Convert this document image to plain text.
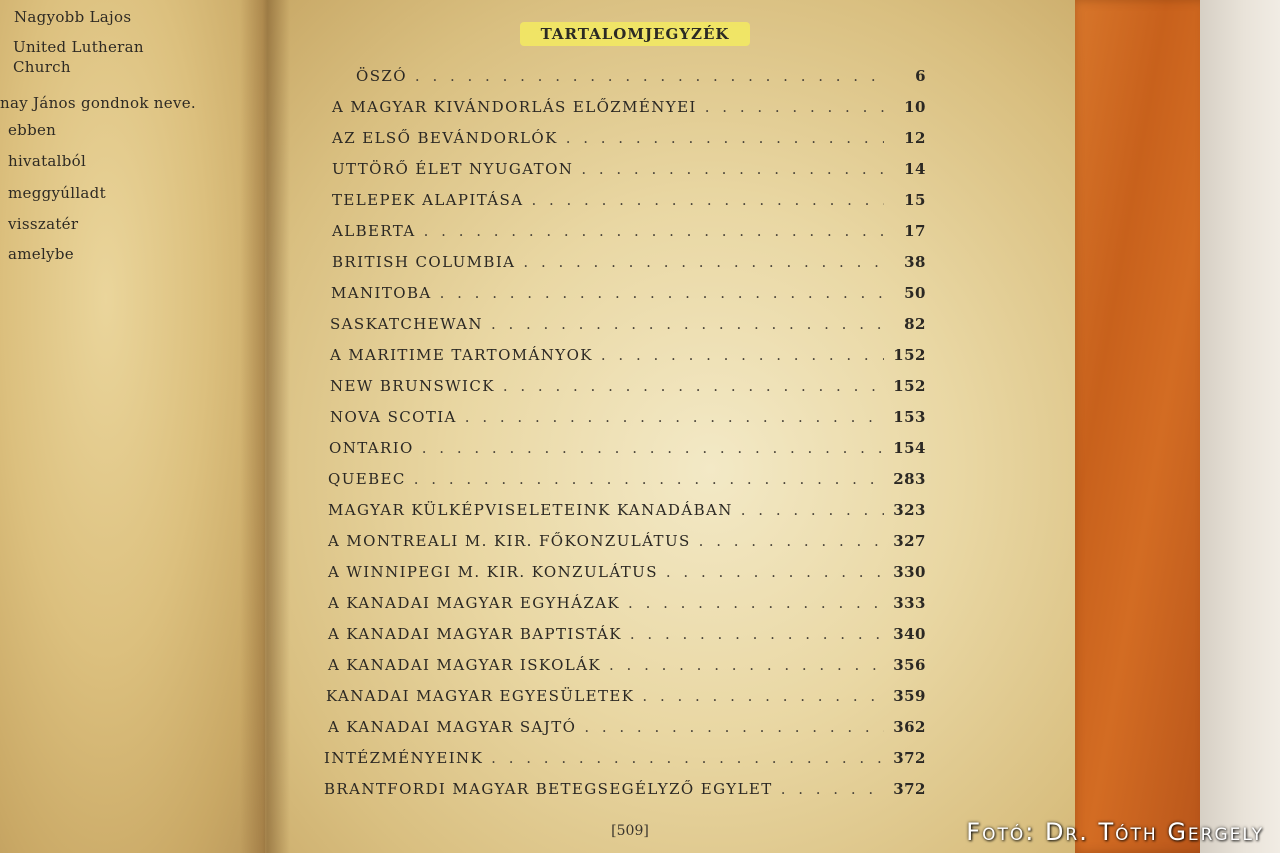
Nagyobb Lajos
United Lutheran
Church
nay János gondnok neve.
ebben
hivatalból
meggyúlladt
visszatér
amelybe
TARTALOMJEGYZÉK
ÖSZÓ . . .	6
A MAGYAR KIVÁNDORLÁS ELŐZMÉNYEI . . .	10
AZ ELSŐ BEVÁNDORLÓK . . .	12
UTTÖRŐ ÉLET NYUGATON . . .	14
TELEPEK ALAPITÁSA . . .	15
ALBERTA . . .	17
BRITISH COLUMBIA . . .	38
MANITOBA . . .	50
SASKATCHEWAN . . .	82
A MARITIME TARTOMÁNYOK . . .	152
NEW BRUNSWICK . . .	152
NOVA SCOTIA . . .	153
ONTARIO . . .	154
QUEBEC . . .	283
MAGYAR KÜLKÉPVISELETEINK KANADÁBAN . . .	323
A MONTREALI M. KIR. FŐKONZULÁTUS . . .	327
A WINNIPEGI M. KIR. KONZULÁTUS . . .	330
A KANADAI MAGYAR EGYHÁZAK . . .	333
A KANADAI MAGYAR BAPTISTÁK . . .	340
A KANADAI MAGYAR ISKOLÁK . . .	356
KANADAI MAGYAR EGYESÜLETEK . . .	359
A KANADAI MAGYAR SAJTÓ . . .	362
INTÉZMÉNYEINK . . .	372
BRANTFORDI MAGYAR BETEGSEGÉLYZŐ EGYLET . . .	372
[509]	Fotó: Dr. Tóth Gergely
